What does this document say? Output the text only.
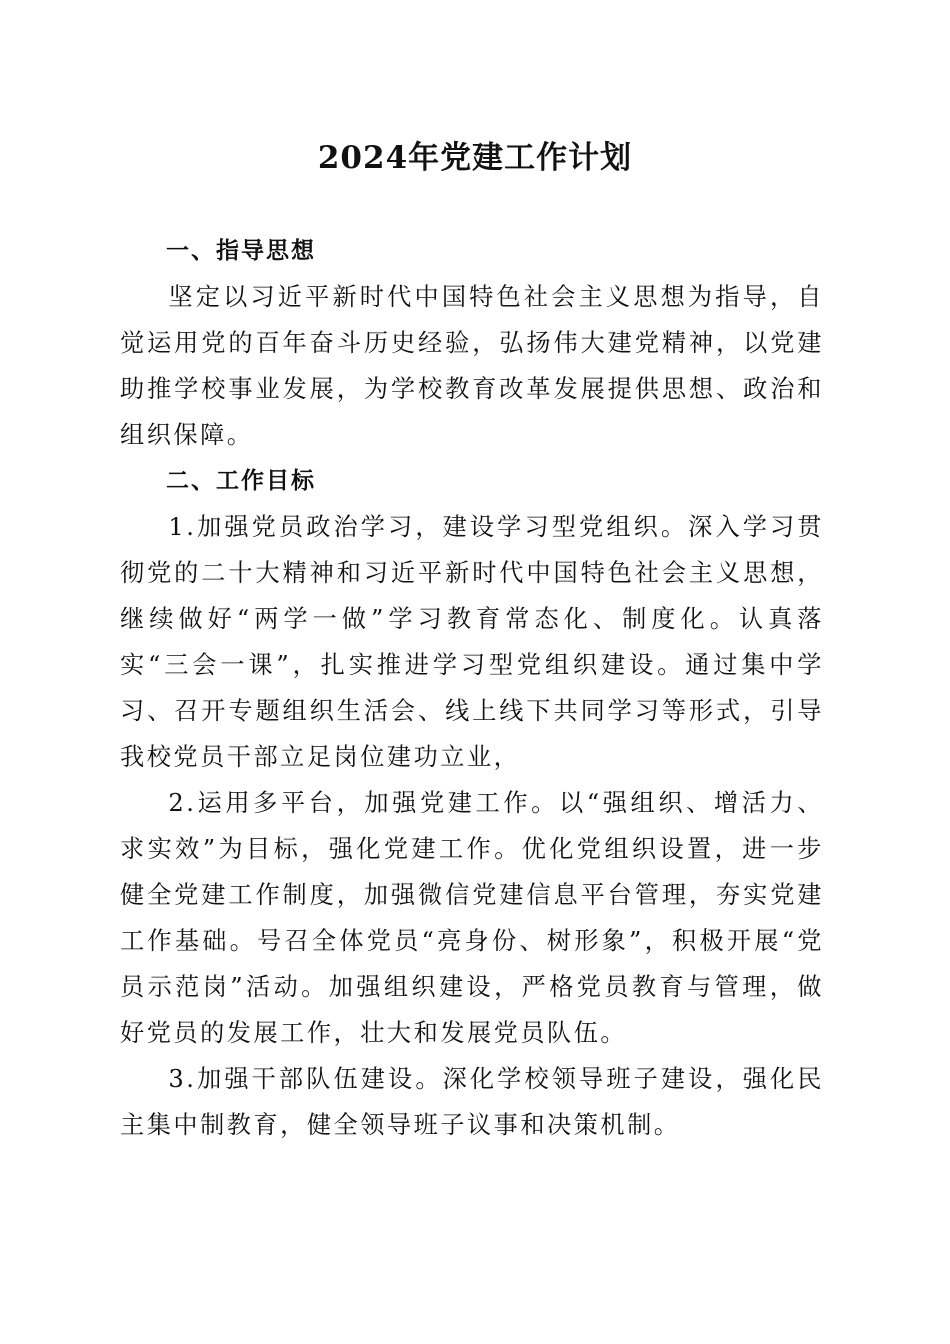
2024年党建工作计划

一、指导思想

坚定以习近平新时代中国特色社会主义思想为指导，自觉运用党的百年奋斗历史经验，弘扬伟大建党精神，以党建助推学校事业发展，为学校教育改革发展提供思想、政治和组织保障。

二、工作目标

1.加强党员政治学习，建设学习型党组织。深入学习贯彻党的二十大精神和习近平新时代中国特色社会主义思想，继续做好“两学一做”学习教育常态化、制度化。认真落实“三会一课”，扎实推进学习型党组织建设。通过集中学习、召开专题组织生活会、线上线下共同学习等形式，引导我校党员干部立足岗位建功立业，

2.运用多平台，加强党建工作。以“强组织、增活力、求实效”为目标，强化党建工作。优化党组织设置，进一步健全党建工作制度，加强微信党建信息平台管理，夯实党建工作基础。号召全体党员“亮身份、树形象”，积极开展“党员示范岗”活动。加强组织建设，严格党员教育与管理，做好党员的发展工作，壮大和发展党员队伍。

3.加强干部队伍建设。深化学校领导班子建设，强化民主集中制教育，健全领导班子议事和决策机制。
